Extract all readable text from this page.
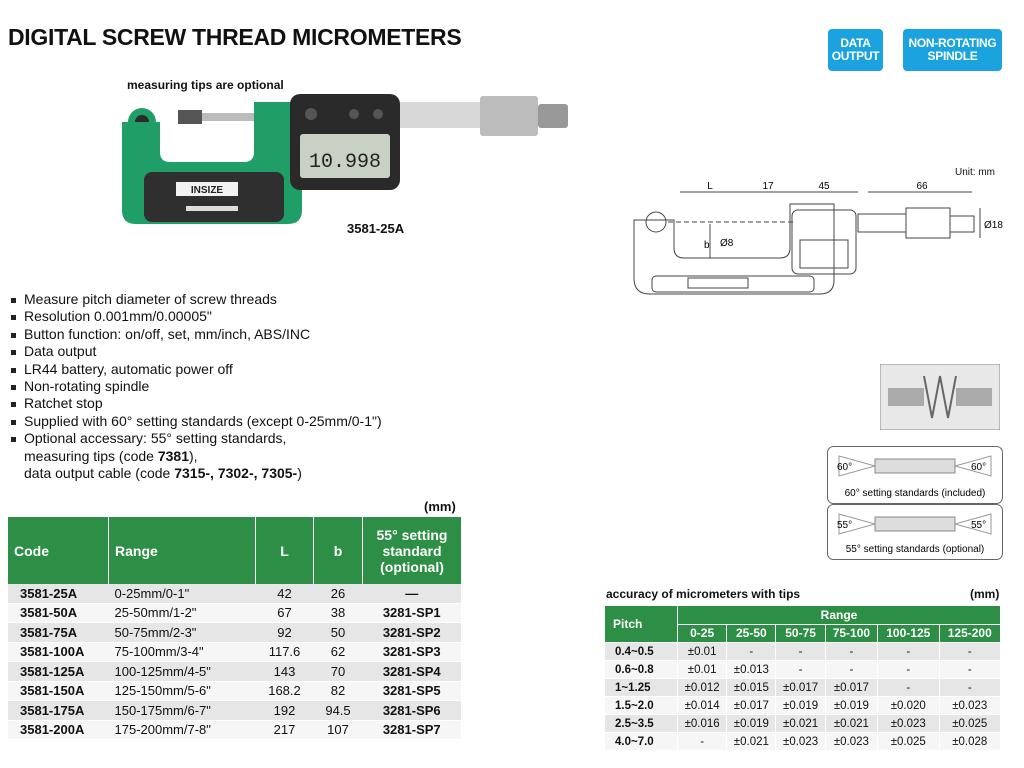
DIGITAL SCREW THREAD MICROMETERS	DATA OUTPUT
NON-ROTATING SPINDLE
measuring tips are optional
INSIZE
10.998
3581-25A
Unit: mm
L	17	45	66
b Ø8
Ø18
60°	60°
60° setting standards (included)
55°	55°
55° setting standards (optional)
Measure pitch diameter of screw threads
Resolution 0.001mm/0.00005"
Button function: on/off, set, mm/inch, ABS/INC
Data output
LR44 battery, automatic power off
Non-rotating spindle
Ratchet stop
Supplied with 60° setting standards (except 0-25mm/0-1")
Optional accessary: 55° setting standards,
measuring tips (code 7381),
data output cable (code 7315-, 7302-, 7305-)
(mm)
Code	Range	L	b	55° setting standard (optional)
3581-25A	0-25mm/0-1"	42	26	—
3581-50A	25-50mm/1-2"	67	38	3281-SP1
3581-75A	50-75mm/2-3"	92	50	3281-SP2
3581-100A	75-100mm/3-4"	117.6	62	3281-SP3
3581-125A	100-125mm/4-5"	143	70	3281-SP4
3581-150A	125-150mm/5-6"	168.2	82	3281-SP5
3581-175A	150-175mm/6-7"	192	94.5	3281-SP6
3581-200A	175-200mm/7-8"	217	107	3281-SP7
accuracy of micrometers with tips	(mm)
Pitch	Range					
	0-25	25-50	50-75	75-100	100-125	125-200
0.4~0.5	±0.01	-	-	-	-	-
0.6~0.8	±0.01	±0.013	-	-	-	-
1~1.25	±0.012	±0.015	±0.017	±0.017	-	-
1.5~2.0	±0.014	±0.017	±0.019	±0.019	±0.020	±0.023
2.5~3.5	±0.016	±0.019	±0.021	±0.021	±0.023	±0.025
4.0~7.0	-	±0.021	±0.023	±0.023	±0.025	±0.028
